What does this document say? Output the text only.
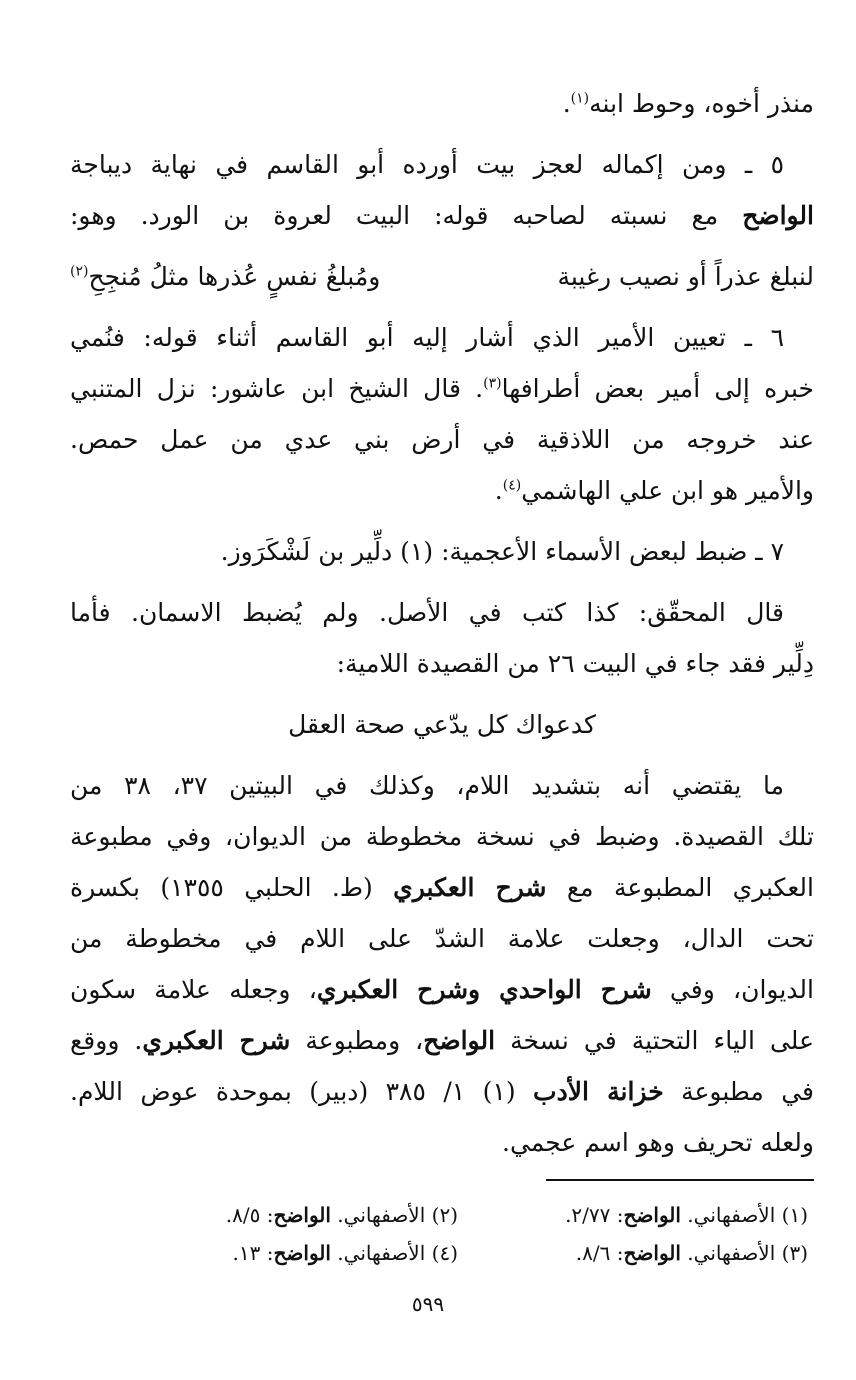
منذر أخوه، وحوط ابنه$^{(١)}$.
٥ ـ ومن إكماله لعجز بيت أورده أبو القاسم في نهاية ديباجة
الواضح مع نسبته لصاحبه قوله: البيت لعروة بن الورد. وهو:
لنبلغ عذراً أو نصيب رغيبة
ومُبلغُ نفسٍ عُذرها مثلُ مُنجِحِ$^{(٢)}$
٦ ـ تعيين الأمير الذي أشار إليه أبو القاسم أثناء قوله: فنُمي
خبره إلى أمير بعض أطرافها$^{(٣)}$. قال الشيخ ابن عاشور: نزل المتنبي
عند خروجه من اللاذقية في أرض بني عدي من عمل حمص.
والأمير هو ابن علي الهاشمي$^{(٤)}$.
٧ ـ ضبط لبعض الأسماء الأعجمية: (١) دلِّير بن لَشْكَرَوز.
قال المحقّق: كذا كتب في الأصل. ولم يُضبط الاسمان. فأما
دِلِّير فقد جاء في البيت ٢٦ من القصيدة اللامية:
كدعواك كل يدّعي صحة العقل
ما يقتضي أنه بتشديد اللام، وكذلك في البيتين ٣٧، ٣٨ من
تلك القصيدة. وضبط في نسخة مخطوطة من الديوان، وفي مطبوعة
العكبري المطبوعة مع شرح العكبري (ط. الحلبي ١٣٥٥) بكسرة
تحت الدال، وجعلت علامة الشدّ على اللام في مخطوطة من
الديوان، وفي شرح الواحدي وشرح العكبري، وجعله علامة سكون
على الياء التحتية في نسخة الواضح، ومطبوعة شرح العكبري. ووقع
في مطبوعة خزانة الأدب (١) ١/ ٣٨٥ (دبير) بموحدة عوض اللام.
ولعله تحريف وهو اسم عجمي.
(١) الأصفهاني. الواضح: ٢/٧٧.
(٢) الأصفهاني. الواضح: ٨/٥.
(٣) الأصفهاني. الواضح: ٨/٦.
(٤) الأصفهاني. الواضح: ١٣.
٥٩٩
